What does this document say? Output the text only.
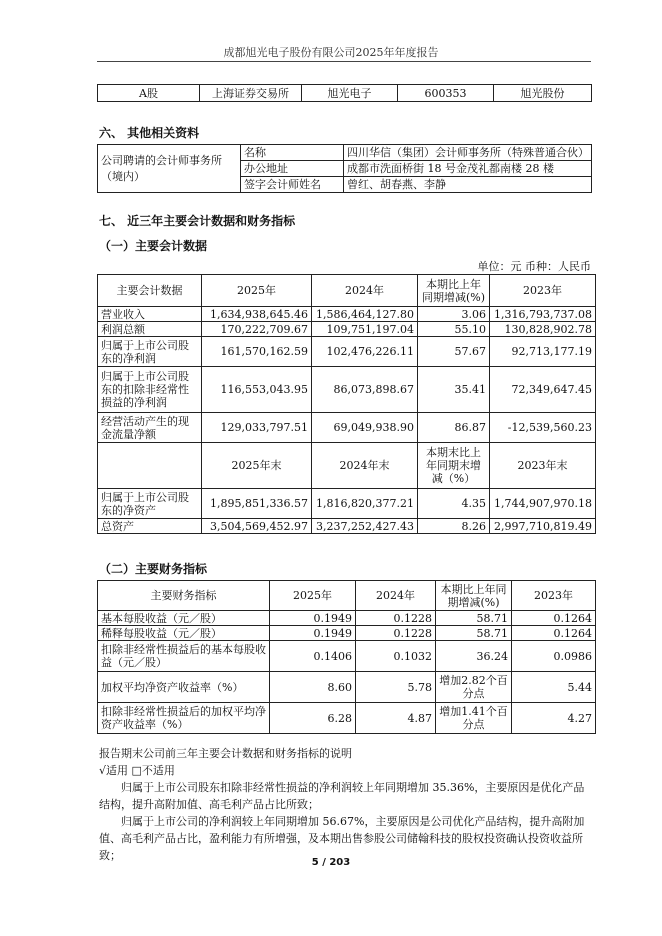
成都旭光电子股份有限公司2025年年度报告
A股	上海证券交易所	旭光电子	600353	旭光股份
六、 其他相关资料
公司聘请的会计师事务所（境内）	名称	四川华信（集团）会计师事务所（特殊普通合伙）
	办公地址	成都市洗面桥街 18 号金茂礼都南楼 28 楼
	签字会计师姓名	曾红、胡春燕、李静
七、 近三年主要会计数据和财务指标
（一）主要会计数据
单位：元 币种：人民币
主要会计数据	2025年	2024年	本期比上年同期增减(%)	2023年
营业收入	1,634,938,645.46	1,586,464,127.80	3.06	1,316,793,737.08
利润总额	170,222,709.67	109,751,197.04	55.10	130,828,902.78
归属于上市公司股东的净利润	161,570,162.59	102,476,226.11	57.67	92,713,177.19
归属于上市公司股东的扣除非经常性损益的净利润	116,553,043.95	86,073,898.67	35.41	72,349,647.45
经营活动产生的现金流量净额	129,033,797.51	69,049,938.90	86.87	-12,539,560.23
	2025年末	2024年末	本期末比上年同期末增减（%）	2023年末
归属于上市公司股东的净资产	1,895,851,336.57	1,816,820,377.21	4.35	1,744,907,970.18
总资产	3,504,569,452.97	3,237,252,427.43	8.26	2,997,710,819.49
（二）主要财务指标
主要财务指标	2025年	2024年	本期比上年同期增减(%)	2023年
基本每股收益（元／股）	0.1949	0.1228	58.71	0.1264
稀释每股收益（元／股）	0.1949	0.1228	58.71	0.1264
扣除非经常性损益后的基本每股收益（元／股）	0.1406	0.1032	36.24	0.0986
加权平均净资产收益率（%）	8.60	5.78	增加2.82个百分点	5.44
扣除非经常性损益后的加权平均净资产收益率（%）	6.28	4.87	增加1.41个百分点	4.27
报告期末公司前三年主要会计数据和财务指标的说明
√适用 □不适用
归属于上市公司股东扣除非经常性损益的净利润较上年同期增加 35.36%，主要原因是优化产品结构，提升高附加值、高毛利产品占比所致；
归属于上市公司的净利润较上年同期增加 56.67%，主要原因是公司优化产品结构，提升高附加值、高毛利产品占比，盈利能力有所增强，及本期出售参股公司储翰科技的股权投资确认投资收益所致；
5 / 203
